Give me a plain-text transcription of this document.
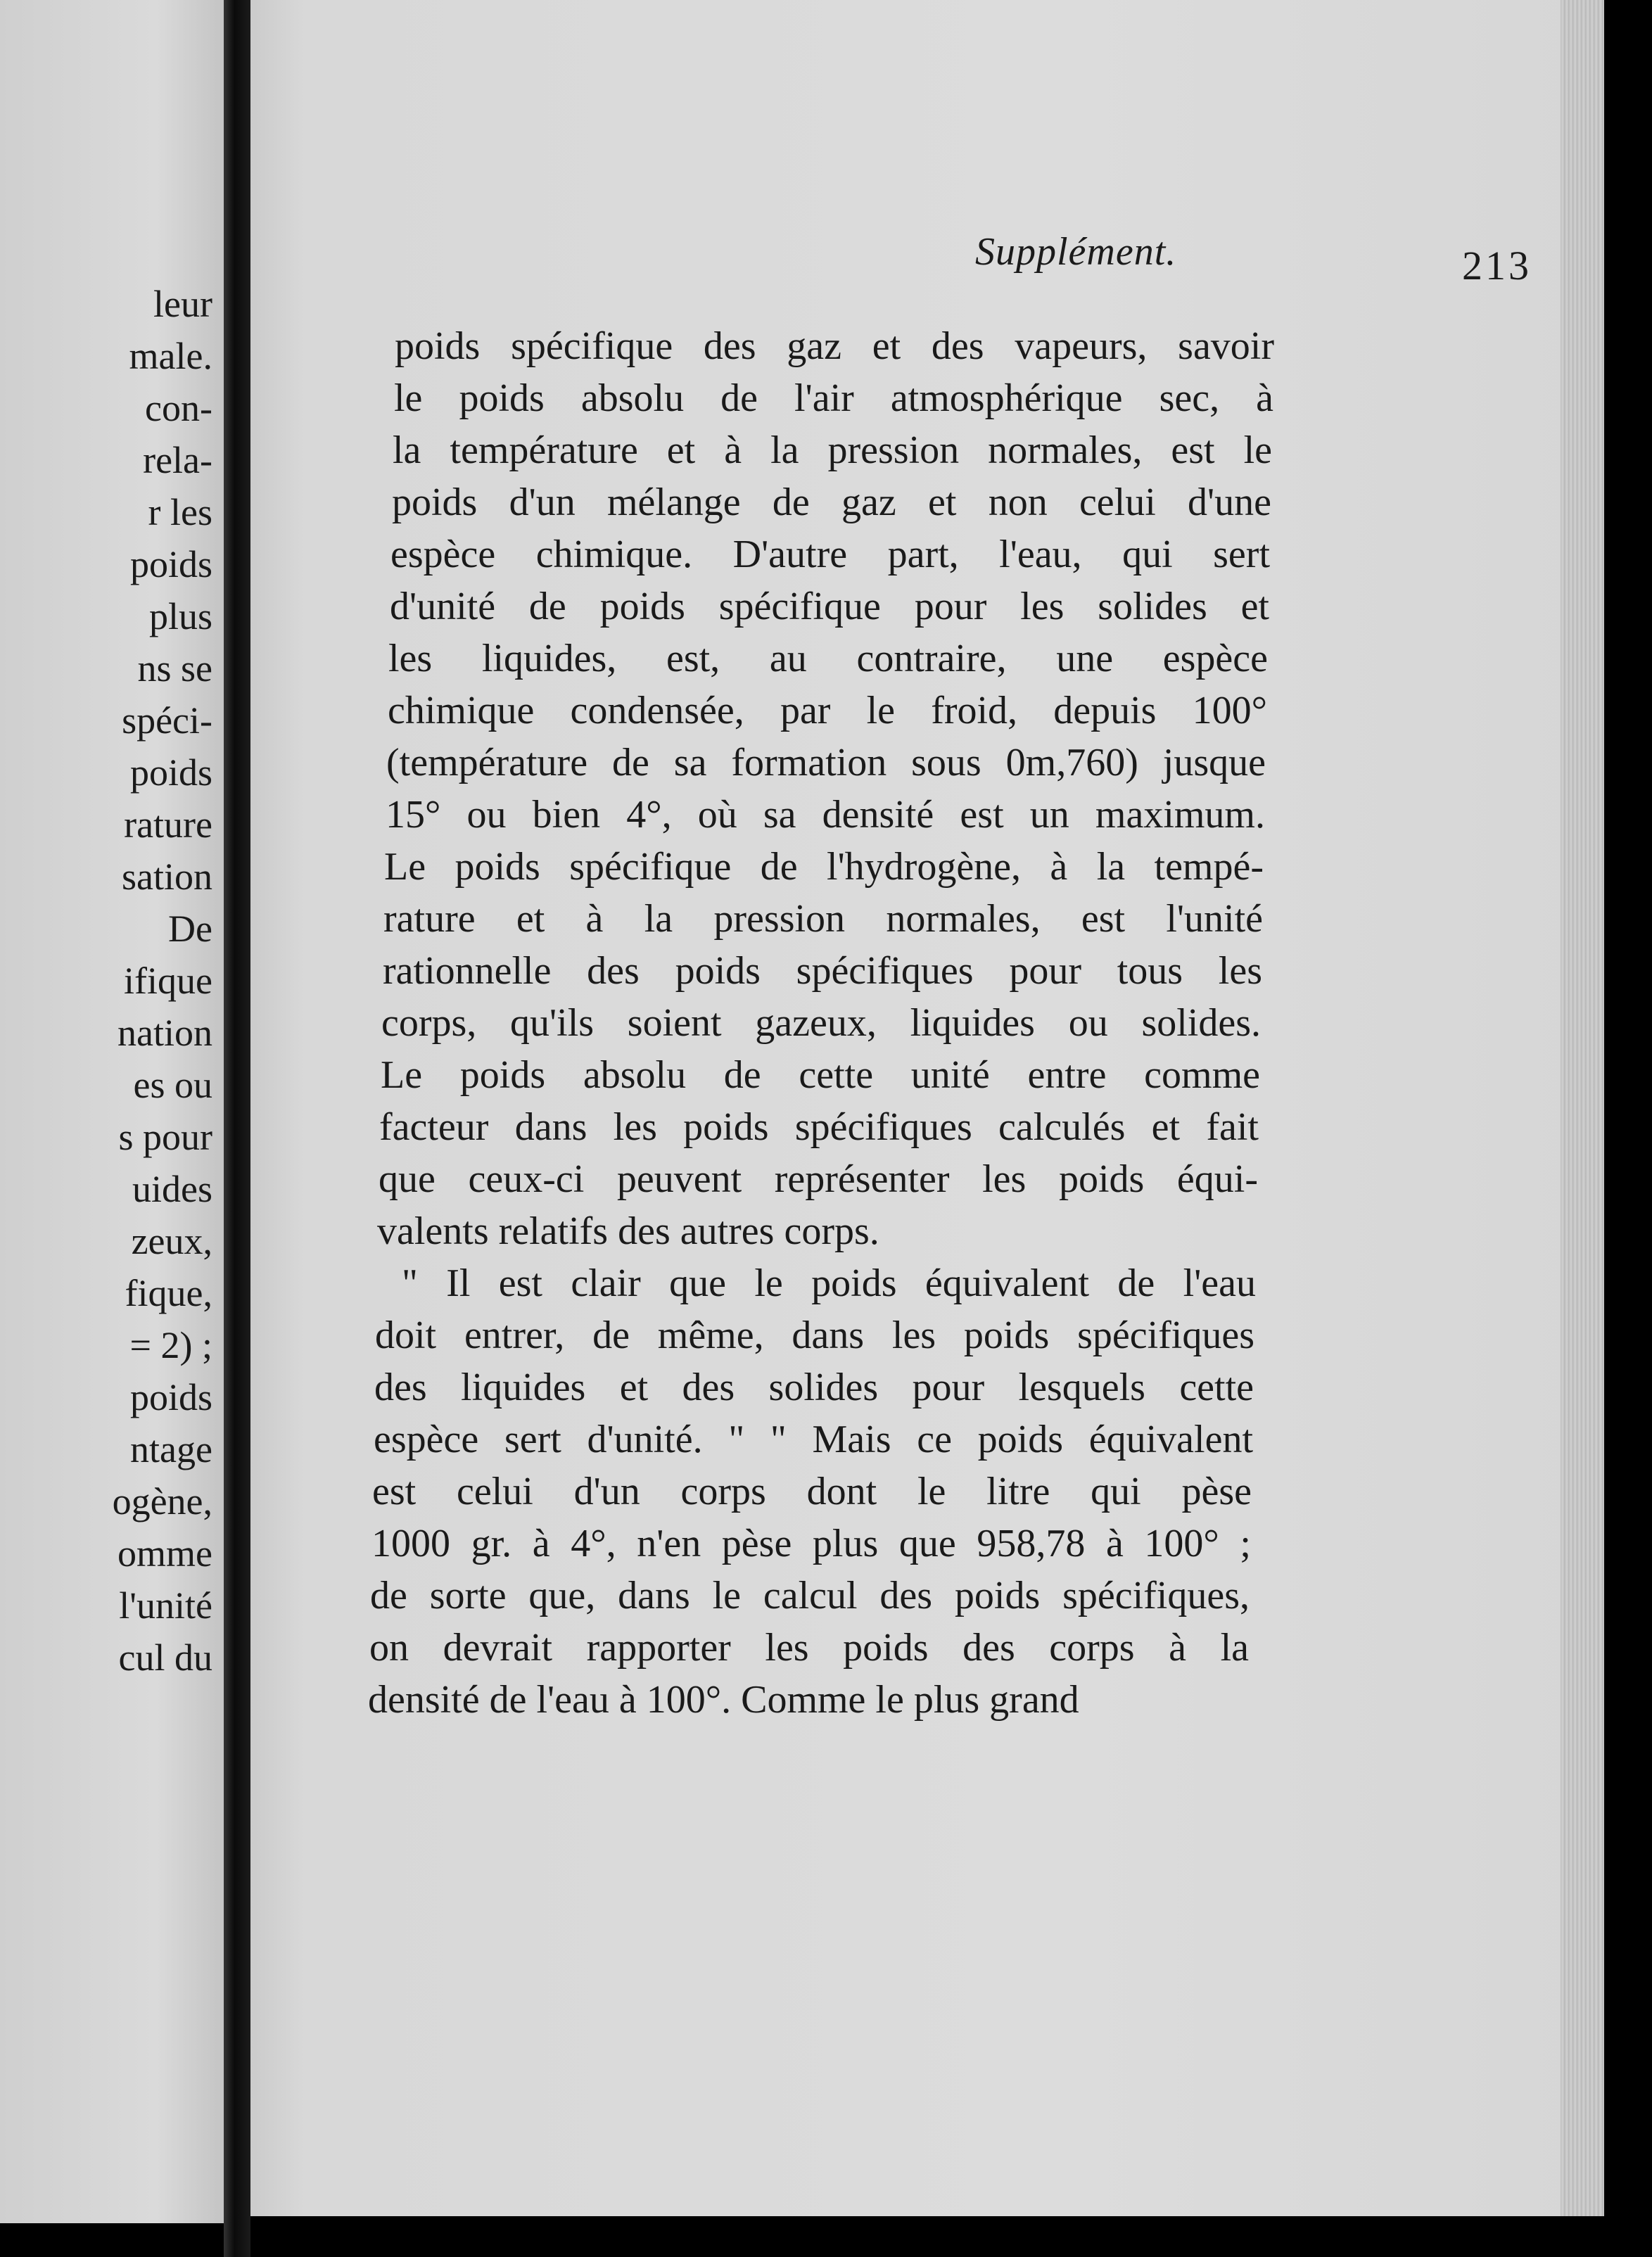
leur
male.
con-
rela-
r les
poids
plus
ns se
spéci-
poids
rature
sation
De
ifique
nation
es ou
s pour
uides
zeux,
fique,
= 2) ;
poids
ntage
ogène,
omme
l'unité
cul du
Supplément.	213
poids spécifique des gaz et des vapeurs, savoir
le poids absolu de l'air atmosphérique sec, à
la température et à la pression normales, est le
poids d'un mélange de gaz et non celui d'une
espèce chimique. D'autre part, l'eau, qui sert
d'unité de poids spécifique pour les solides et
les liquides, est, au contraire, une espèce
chimique condensée, par le froid, depuis 100°
(température de sa formation sous 0m,760) jusque
15° ou bien 4°, où sa densité est un maximum.
Le poids spécifique de l'hydrogène, à la tempé-
rature et à la pression normales, est l'unité
rationnelle des poids spécifiques pour tous les
corps, qu'ils soient gazeux, liquides ou solides.
Le poids absolu de cette unité entre comme
facteur dans les poids spécifiques calculés et fait
que ceux-ci peuvent représenter les poids équi-
valents relatifs des autres corps.
" Il est clair que le poids équivalent de l'eau
doit entrer, de même, dans les poids spécifiques
des liquides et des solides pour lesquels cette
espèce sert d'unité. " " Mais ce poids équivalent
est celui d'un corps dont le litre qui pèse
1000 gr. à 4°, n'en pèse plus que 958,78 à 100° ;
de sorte que, dans le calcul des poids spécifiques,
on devrait rapporter les poids des corps à la
densité de l'eau à 100°. Comme le plus grand
